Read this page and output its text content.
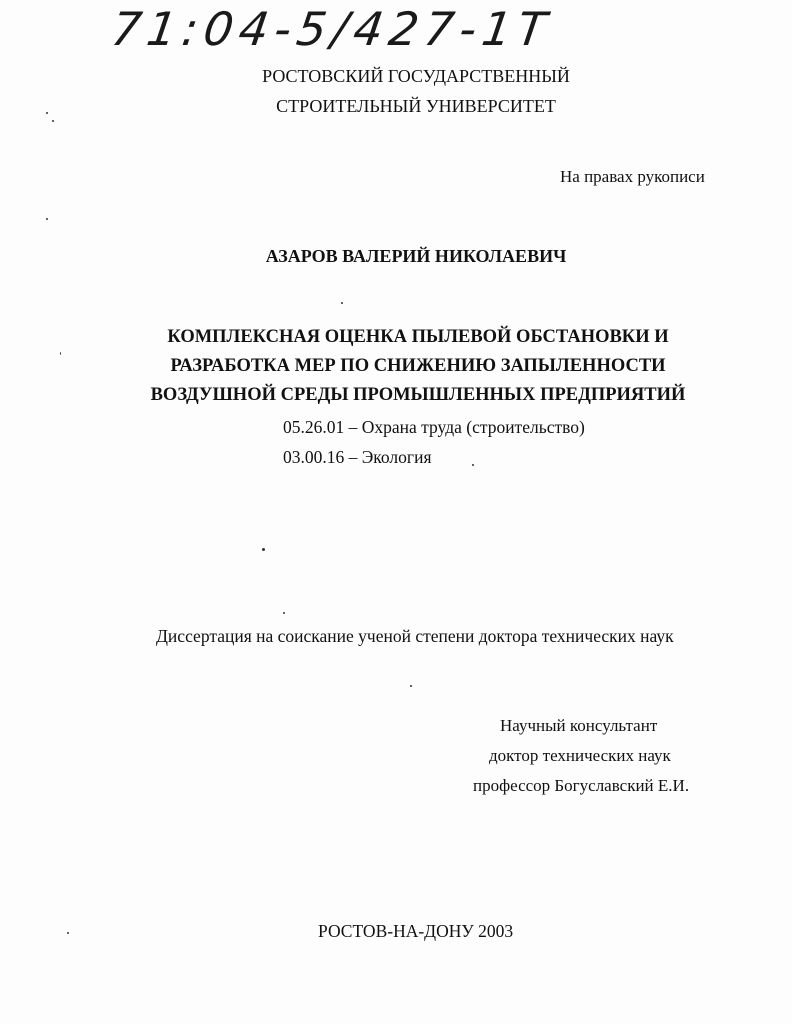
71:04-5/427-1Т
РОСТОВСКИЙ ГОСУДАРСТВЕННЫЙ
СТРОИТЕЛЬНЫЙ УНИВЕРСИТЕТ
На правах рукописи
АЗАРОВ ВАЛЕРИЙ НИКОЛАЕВИЧ
КОМПЛЕКСНАЯ ОЦЕНКА ПЫЛЕВОЙ ОБСТАНОВКИ И
РАЗРАБОТКА МЕР ПО СНИЖЕНИЮ ЗАПЫЛЕННОСТИ
ВОЗДУШНОЙ СРЕДЫ ПРОМЫШЛЕННЫХ ПРЕДПРИЯТИЙ
05.26.01 – Охрана труда (строительство)
03.00.16 – Экология
Диссертация на соискание ученой степени доктора технических наук
Научный консультант
доктор технических наук
профессор Богуславский Е.И.
РОСТОВ-НА-ДОНУ 2003
